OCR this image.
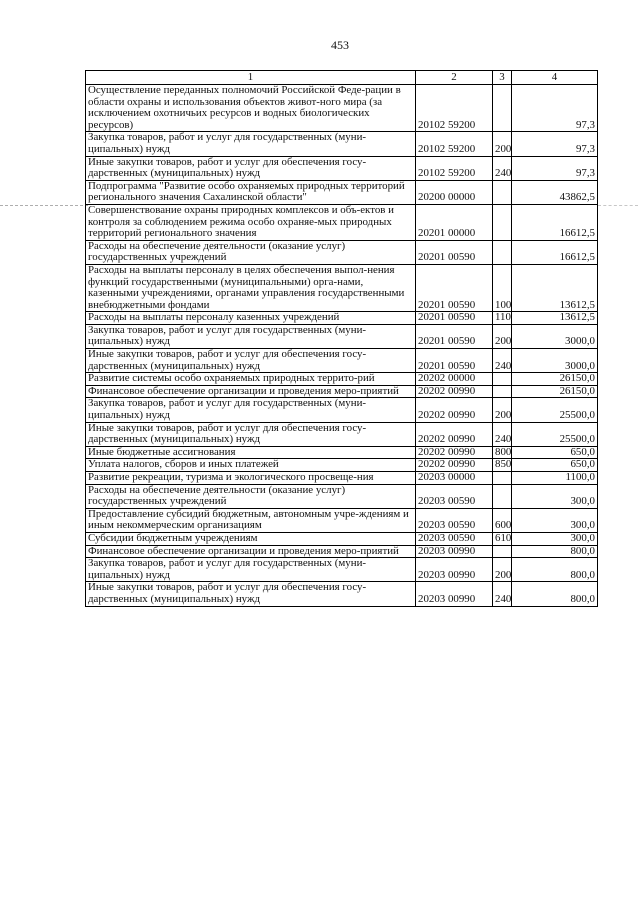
453
1	2	3	4
Осуществление переданных полномочий Российской Феде-рации в области охраны и использования объектов живот-ного мира (за исключением охотничьих ресурсов и водных биологических ресурсов)	20102 59200		97,3
Закупка товаров, работ и услуг для государственных (муни-ципальных) нужд	20102 59200	200	97,3
Иные закупки товаров, работ и услуг для обеспечения госу-дарственных (муниципальных) нужд	20102 59200	240	97,3
Подпрограмма "Развитие особо охраняемых природных территорий регионального значения Сахалинской области"	20200 00000		43862,5
Совершенствование охраны природных комплексов и объ-ектов и контроля за соблюдением режима особо охраняе-мых природных территорий регионального значения	20201 00000		16612,5
Расходы на обеспечение деятельности (оказание услуг) государственных учреждений	20201 00590		16612,5
Расходы на выплаты персоналу в целях обеспечения выпол-нения функций государственными (муниципальными) орга-нами, казенными учреждениями, органами управления государственными внебюджетными фондами	20201 00590	100	13612,5
Расходы на выплаты персоналу казенных учреждений	20201 00590	110	13612,5
Закупка товаров, работ и услуг для государственных (муни-ципальных) нужд	20201 00590	200	3000,0
Иные закупки товаров, работ и услуг для обеспечения госу-дарственных (муниципальных) нужд	20201 00590	240	3000,0
Развитие системы особо охраняемых природных террито-рий	20202 00000		26150,0
Финансовое обеспечение организации и проведения меро-приятий	20202 00990		26150,0
Закупка товаров, работ и услуг для государственных (муни-ципальных) нужд	20202 00990	200	25500,0
Иные закупки товаров, работ и услуг для обеспечения госу-дарственных (муниципальных) нужд	20202 00990	240	25500,0
Иные бюджетные ассигнования	20202 00990	800	650,0
Уплата налогов, сборов и иных платежей	20202 00990	850	650,0
Развитие рекреации, туризма и экологического просвеще-ния	20203 00000		1100,0
Расходы на обеспечение деятельности (оказание услуг) государственных учреждений	20203 00590		300,0
Предоставление субсидий бюджетным, автономным учре-ждениям и иным некоммерческим организациям	20203 00590	600	300,0
Субсидии бюджетным учреждениям	20203 00590	610	300,0
Финансовое обеспечение организации и проведения меро-приятий	20203 00990		800,0
Закупка товаров, работ и услуг для государственных (муни-ципальных) нужд	20203 00990	200	800,0
Иные закупки товаров, работ и услуг для обеспечения госу-дарственных (муниципальных) нужд	20203 00990	240	800,0
